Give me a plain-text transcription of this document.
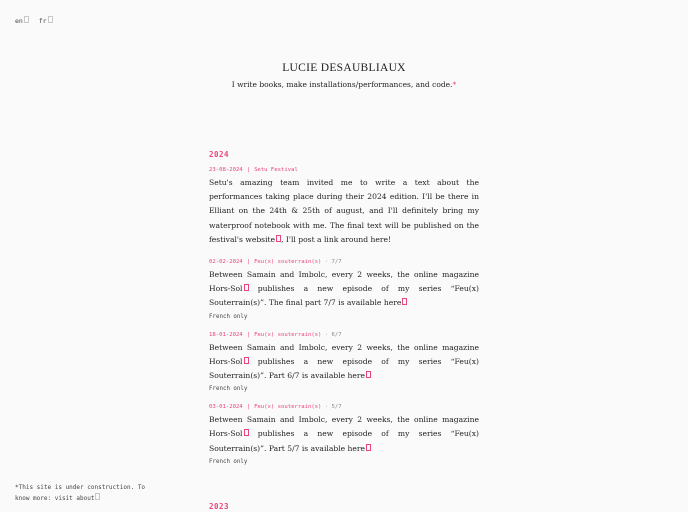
en fr
LUCIE DESAUBLIAUX
I write books, make installations/performances, and code.*
2024
23-08-2024 | Setu Festival
Setu's amazing team invited me to write a text about the performances taking place during their 2024 edition. I'll be there in Elliant on the 24th & 25th of august, and I'll definitely bring my waterproof notebook with me. The final text will be published on the festival's website , I'll post a link around here!
02-02-2024 | Feu(x) souterrain(s) · 7/7
Between Samain and Imbolc, every 2 weeks, the online magazine Hors-Sol publishes a new episode of my series “Feu(x) Souterrain(s)”. The final part 7/7 is available here
French only
18-01-2024 | Feu(x) souterrain(s) · 6/7
Between Samain and Imbolc, every 2 weeks, the online magazine Hors-Sol publishes a new episode of my series “Feu(x) Souterrain(s)”. Part 6/7 is available here
French only
03-01-2024 | Feu(x) souterrain(s) · 5/7
Between Samain and Imbolc, every 2 weeks, the online magazine Hors-Sol publishes a new episode of my series “Feu(x) Souterrain(s)”. Part 5/7 is available here
French only
*This site is under construction. To know more: visit about
2023
